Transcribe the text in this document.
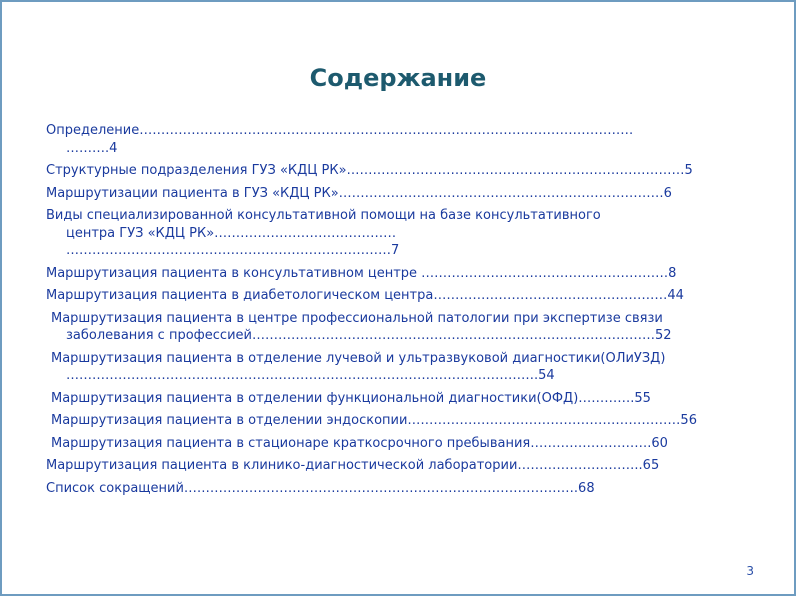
Содержание
Определение……………………………………………………………………………………………………
……….4
Структурные подразделения ГУЗ «КДЦ РК»……………………………………………………………………5
Маршрутизации пациента в ГУЗ «КДЦ РК»…………………………………………………………………6
Виды специализированной консультативной помощи на базе консультативного
центра ГУЗ «КДЦ РК»……………………………………
…………………………………………………………………7
Маршрутизация пациента в консультативном центре …………………………………………………8
Маршрутизация пациента в диабетологическом центра………………………………………………44
Маршрутизация пациента в центре профессиональной патологии при экспертизе связи
заболевания с профессией…………………………………………………………………………………52
Маршрутизация пациента в отделение лучевой и ультразвуковой диагностики(ОЛиУЗД)
……………………………………………………………………………………………….54
Маршрутизация пациента в отделении функциональной диагностики(ОФД)………….55
Маршрутизация пациента в отделении эндоскопии………………………………………………………56
Маршрутизация пациента в стационаре краткосрочного пребывания……………………….60
Маршрутизация пациента в клинико-диагностической лаборатории………………………..65
Список сокращений……………………………………………………………………………….68
3
